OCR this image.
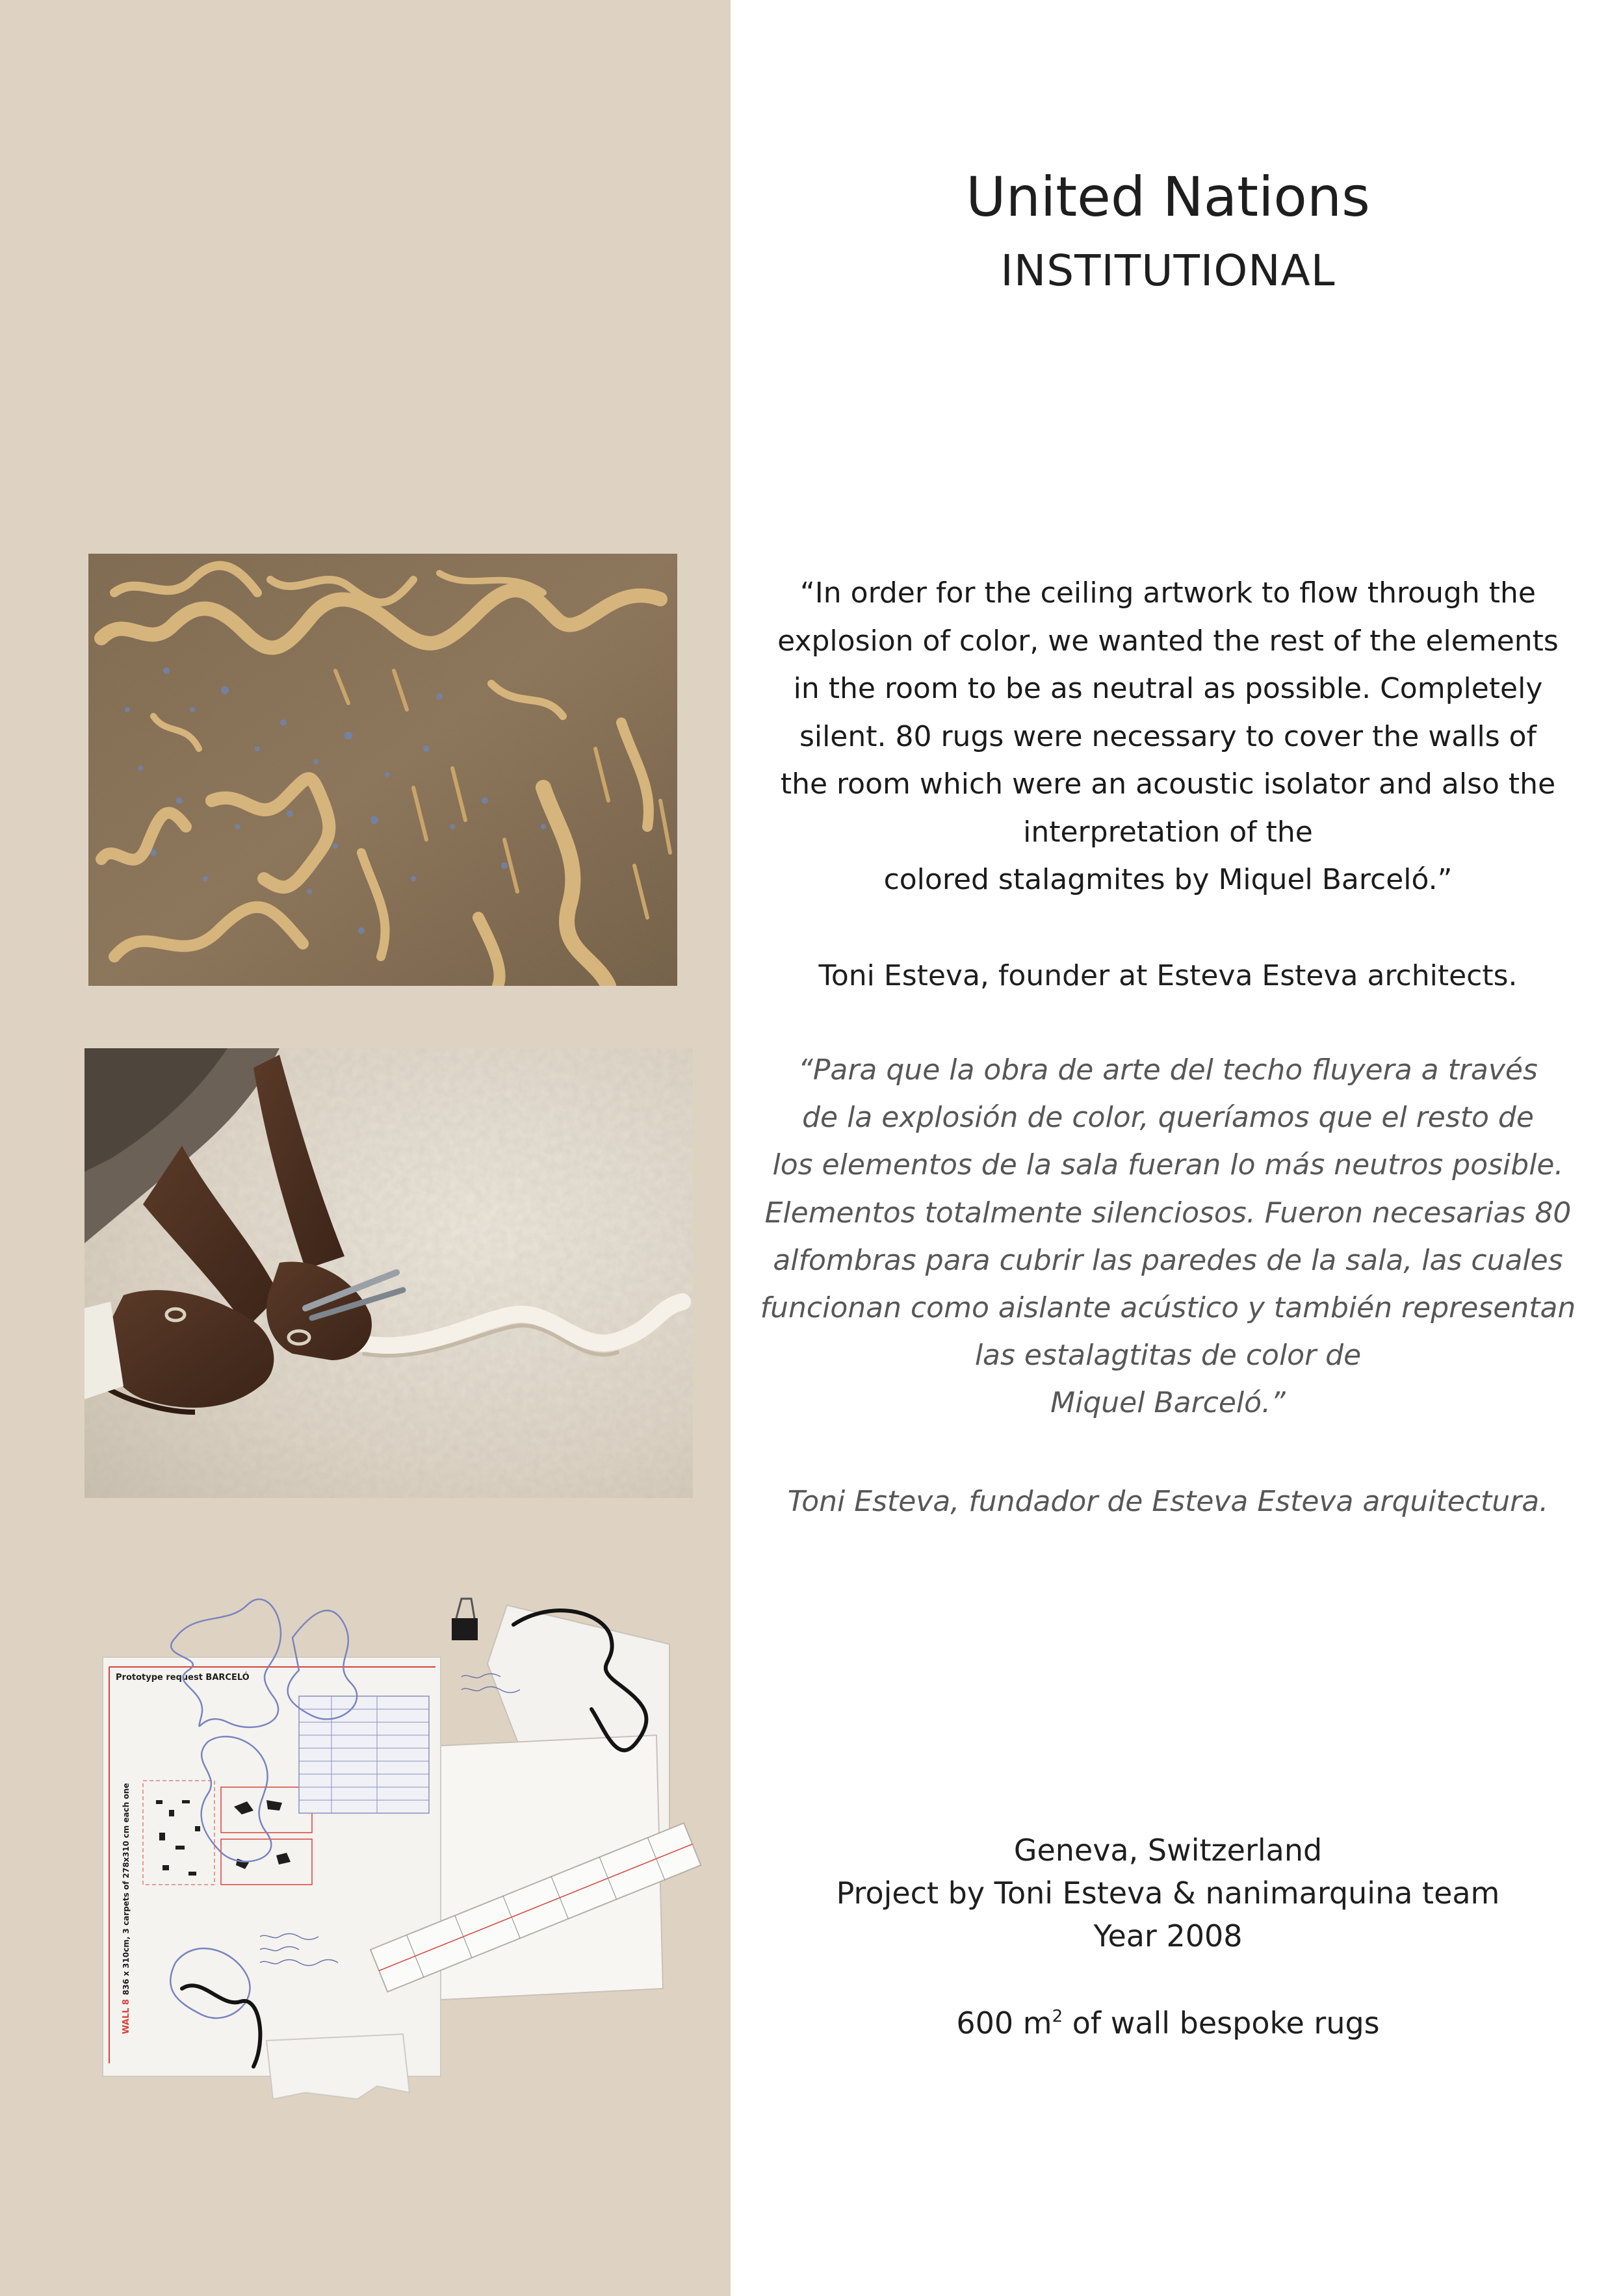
Prototype request BARCELÓ
WALL 8
836 x 310cm, 3 carpets of 278x310 cm each one
United Nations
INSTITUTIONAL
“In order for the ceiling artwork to flow through the
explosion of color, we wanted the rest of the elements
in the room to be as neutral as possible. Completely
silent. 80 rugs were necessary to cover the walls of
the room which were an acoustic isolator and also the
interpretation of the
colored stalagmites by Miquel Barceló.”
Toni Esteva, founder at Esteva Esteva architects.
“Para que la obra de arte del techo fluyera a través
de la explosión de color, queríamos que el resto de
los elementos de la sala fueran lo más neutros posible.
Elementos totalmente silenciosos. Fueron necesarias 80
alfombras para cubrir las paredes de la sala, las cuales
funcionan como aislante acústico y también representan
las estalagtitas de color de
Miquel Barceló.”
Toni Esteva, fundador de Esteva Esteva arquitectura.
Geneva, Switzerland
Project by Toni Esteva & nanimarquina team
Year 2008
600 $m^2$ of wall bespoke rugs
